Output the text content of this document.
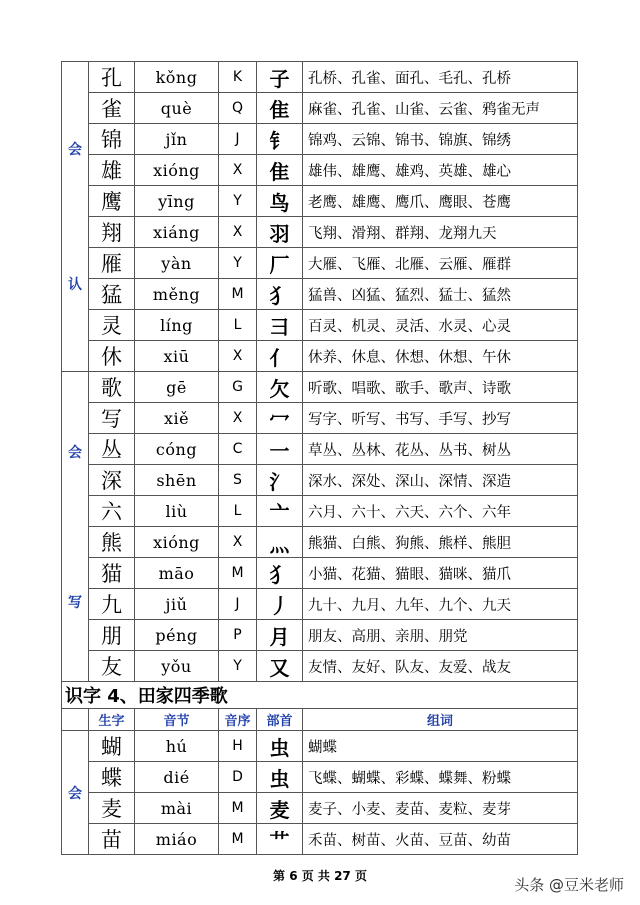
会
认	孔	kǒng	K	子	孔桥、孔雀、面孔、毛孔、孔桥
	雀	què	Q	隹	麻雀、孔雀、山雀、云雀、鸦雀无声
	锦	jǐn	J	钅	锦鸡、云锦、锦书、锦旗、锦绣
	雄	xióng	X	隹	雄伟、雄鹰、雄鸡、英雄、雄心
	鹰	yīng	Y	鸟	老鹰、雄鹰、鹰爪、鹰眼、苍鹰
	翔	xiáng	X	羽	飞翔、滑翔、群翔、龙翔九天
	雁	yàn	Y	厂	大雁、飞雁、北雁、云雁、雁群
	猛	měng	M	犭	猛兽、凶猛、猛烈、猛士、猛然
	灵	líng	L	彐	百灵、机灵、灵活、水灵、心灵
	休	xiū	X	亻	休养、休息、休想、休想、午休

会
写	歌	gē	G	欠	听歌、唱歌、歌手、歌声、诗歌
	写	xiě	X	冖	写字、听写、书写、手写、抄写
	丛	cóng	C	一	草丛、丛林、花丛、丛书、树丛
	深	shēn	S	氵	深水、深处、深山、深情、深造
	六	liù	L	亠	六月、六十、六天、六个、六年
	熊	xióng	X	灬	熊猫、白熊、狗熊、熊样、熊胆
	猫	māo	M	犭	小猫、花猫、猫眼、猫咪、猫爪
	九	jiǔ	J	丿	九十、九月、九年、九个、九天
	朋	péng	P	月	朋友、高朋、亲朋、朋党
	友	yǒu	Y	又	友情、友好、队友、友爱、战友
识字 4、田家四季歌					
	生字	音节	音序	部首	组词

会	蝴	hú	H	虫	蝴蝶
	蝶	dié	D	虫	飞蝶、蝴蝶、彩蝶、蝶舞、粉蝶
	麦	mài	M	麦	麦子、小麦、麦苗、麦粒、麦芽
	苗	miáo	M	艹	禾苗、树苗、火苗、豆苗、幼苗
第 6 页 共 27 页	头条 @豆米老师
